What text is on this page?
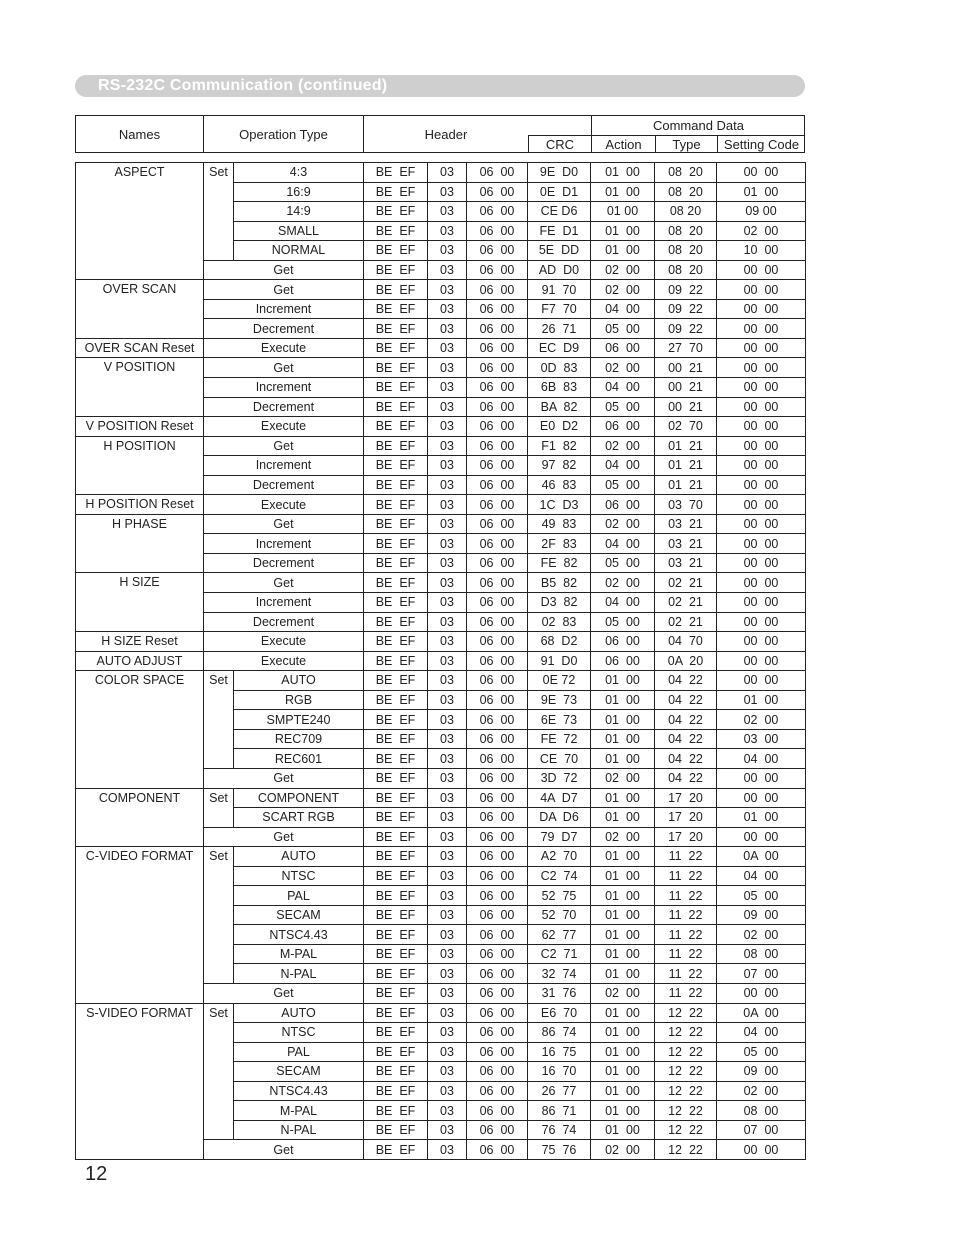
RS-232C Communication (continued)
Names	Operation Type	Header
Command Data
CRC	Action	Type	Setting Code
ASPECT	Set	4:3	BE  EF	03	06  00	9E  D0	01  00	08  20	00  00
		16:9	BE  EF	03	06  00	0E  D1	01  00	08  20	01  00
		14:9	BE  EF	03	06  00	CE D6	01 00	08 20	09 00
		SMALL	BE  EF	03	06  00	FE  D1	01  00	08  20	02  00
		NORMAL	BE  EF	03	06  00	5E  DD	01  00	08  20	10  00
	Get		BE  EF	03	06  00	AD  D0	02  00	08  20	00  00
OVER SCAN	Get		BE  EF	03	06  00	91  70	02  00	09  22	00  00
	Increment		BE  EF	03	06  00	F7  70	04  00	09  22	00  00
	Decrement		BE  EF	03	06  00	26  71	05  00	09  22	00  00
OVER SCAN Reset	Execute		BE  EF	03	06  00	EC  D9	06  00	27  70	00  00
V POSITION	Get		BE  EF	03	06  00	0D  83	02  00	00  21	00  00
	Increment		BE  EF	03	06  00	6B  83	04  00	00  21	00  00
	Decrement		BE  EF	03	06  00	BA  82	05  00	00  21	00  00
V POSITION Reset	Execute		BE  EF	03	06  00	E0  D2	06  00	02  70	00  00
H POSITION	Get		BE  EF	03	06  00	F1  82	02  00	01  21	00  00
	Increment		BE  EF	03	06  00	97  82	04  00	01  21	00  00
	Decrement		BE  EF	03	06  00	46  83	05  00	01  21	00  00
H POSITION Reset	Execute		BE  EF	03	06  00	1C  D3	06  00	03  70	00  00
H PHASE	Get		BE  EF	03	06  00	49  83	02  00	03  21	00  00
	Increment		BE  EF	03	06  00	2F  83	04  00	03  21	00  00
	Decrement		BE  EF	03	06  00	FE  82	05  00	03  21	00  00
H SIZE	Get		BE  EF	03	06  00	B5  82	02  00	02  21	00  00
	Increment		BE  EF	03	06  00	D3  82	04  00	02  21	00  00
	Decrement		BE  EF	03	06  00	02  83	05  00	02  21	00  00
H SIZE Reset	Execute		BE  EF	03	06  00	68  D2	06  00	04  70	00  00
AUTO ADJUST	Execute		BE  EF	03	06  00	91  D0	06  00	0A  20	00  00
COLOR SPACE	Set	AUTO	BE  EF	03	06  00	0E 72	01  00	04  22	00  00
		RGB	BE  EF	03	06  00	9E  73	01  00	04  22	01  00
		SMPTE240	BE  EF	03	06  00	6E  73	01  00	04  22	02  00
		REC709	BE  EF	03	06  00	FE  72	01  00	04  22	03  00
		REC601	BE  EF	03	06  00	CE  70	01  00	04  22	04  00
	Get		BE  EF	03	06  00	3D  72	02  00	04  22	00  00
COMPONENT	Set	COMPONENT	BE  EF	03	06  00	4A  D7	01  00	17  20	00  00
		SCART RGB	BE  EF	03	06  00	DA  D6	01  00	17  20	01  00
	Get		BE  EF	03	06  00	79  D7	02  00	17  20	00  00
C-VIDEO FORMAT	Set	AUTO	BE  EF	03	06  00	A2  70	01  00	11  22	0A  00
		NTSC	BE  EF	03	06  00	C2  74	01  00	11  22	04  00
		PAL	BE  EF	03	06  00	52  75	01  00	11  22	05  00
		SECAM	BE  EF	03	06  00	52  70	01  00	11  22	09  00
		NTSC4.43	BE  EF	03	06  00	62  77	01  00	11  22	02  00
		M-PAL	BE  EF	03	06  00	C2  71	01  00	11  22	08  00
		N-PAL	BE  EF	03	06  00	32  74	01  00	11  22	07  00
	Get		BE  EF	03	06  00	31  76	02  00	11  22	00  00
S-VIDEO FORMAT	Set	AUTO	BE  EF	03	06  00	E6  70	01  00	12  22	0A  00
		NTSC	BE  EF	03	06  00	86  74	01  00	12  22	04  00
		PAL	BE  EF	03	06  00	16  75	01  00	12  22	05  00
		SECAM	BE  EF	03	06  00	16  70	01  00	12  22	09  00
		NTSC4.43	BE  EF	03	06  00	26  77	01  00	12  22	02  00
		M-PAL	BE  EF	03	06  00	86  71	01  00	12  22	08  00
		N-PAL	BE  EF	03	06  00	76  74	01  00	12  22	07  00
	Get		BE  EF	03	06  00	75  76	02  00	12  22	00  00
12
